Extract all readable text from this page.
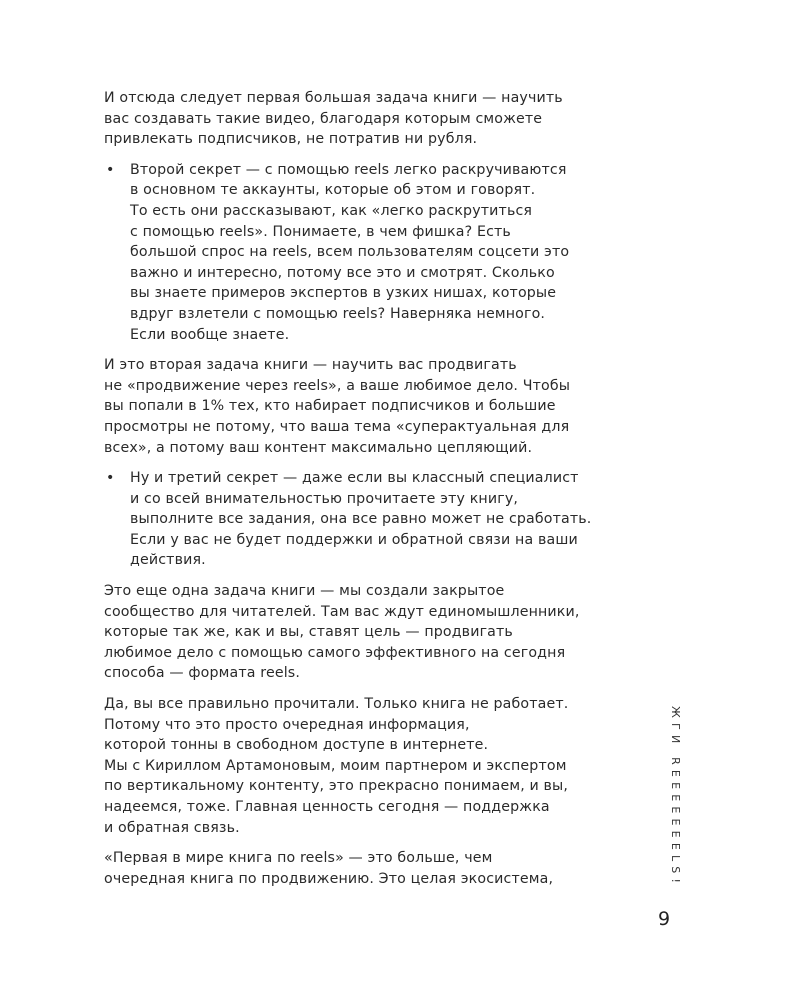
И отсюда следует первая большая задача книги — научить
вас создавать такие видео, благодаря которым сможете
привлекать подписчиков, не потратив ни рубля.

• Второй секрет — с помощью reels легко раскручиваются
в основном те аккаунты, которые об этом и говорят.
То есть они рассказывают, как «легко раскрутиться
с помощью reels». Понимаете, в чем фишка? Есть
большой спрос на reels, всем пользователям соцсети это
важно и интересно, потому все это и смотрят. Сколько
вы знаете примеров экспертов в узких нишах, которые
вдруг взлетели с помощью reels? Наверняка немного.
Если вообще знаете.

И это вторая задача книги — научить вас продвигать
не «продвижение через reels», а ваше любимое дело. Чтобы
вы попали в 1% тех, кто набирает подписчиков и большие
просмотры не потому, что ваша тема «суперактуальная для
всех», а потому ваш контент максимально цепляющий.

• Ну и третий секрет — даже если вы классный специалист
и со всей внимательностью прочитаете эту книгу,
выполните все задания, она все равно может не сработать.
Если у вас не будет поддержки и обратной связи на ваши
действия.

Это еще одна задача книги — мы создали закрытое
сообщество для читателей. Там вас ждут единомышленники,
которые так же, как и вы, ставят цель — продвигать
любимое дело с помощью самого эффективного на сегодня
способа — формата reels.

Да, вы все правильно прочитали. Только книга не работает.
Потому что это просто очередная информация,
которой тонны в свободном доступе в интернете.
Мы с Кириллом Артамоновым, моим партнером и экспертом
по вертикальному контенту, это прекрасно понимаем, и вы,
надеемся, тоже. Главная ценность сегодня — поддержка
и обратная связь.

«Первая в мире книга по reels» — это больше, чем
очередная книга по продвижению. Это целая экосистема,	ЖГИ REEEEEEELS!
9
